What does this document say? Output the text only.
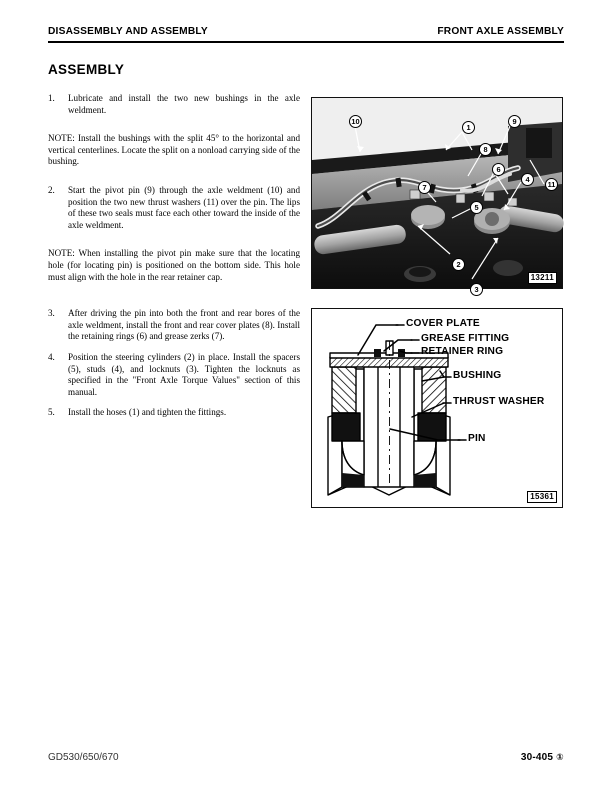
DISASSEMBLY AND ASSEMBLY	FRONT AXLE ASSEMBLY
ASSEMBLY
1.	Lubricate and install the two new bushings in the axle weldment.
NOTE: Install the bushings with the split 45° to the horizontal and vertical centerlines. Locate the split on a nonload carrying side of the bushing.
2.	Start the pivot pin (9) through the axle weldment (10) and position the two new thrust washers (11) over the pin. The lips of these two seals must face each other toward the inside of the axle weldment.
NOTE: When installing the pivot pin make sure that the locating hole (for locating pin) is positioned on the bottom side. This hole must align with the hole in the rear retainer cap.
3.	After driving the pin into both the front and rear bores of the axle weldment, install the front and rear cover plates (8). Install the retaining rings (6) and grease zerks (7).
4.	Position the steering cylinders (2) in place. Install the spacers (5), studs (4), and locknuts (3). Tighten the locknuts as specified in the "Front Axle Torque Values" section of this manual.
5.	Install the hoses (1) and tighten the fittings.
10
1
9
8
6
11
4
7
5
2
3
13211
COVER PLATE
GREASE FITTING
RETAINER RING
BUSHING
THRUST WASHER
PIN
15361
GD530/650/670	30-405 ①
